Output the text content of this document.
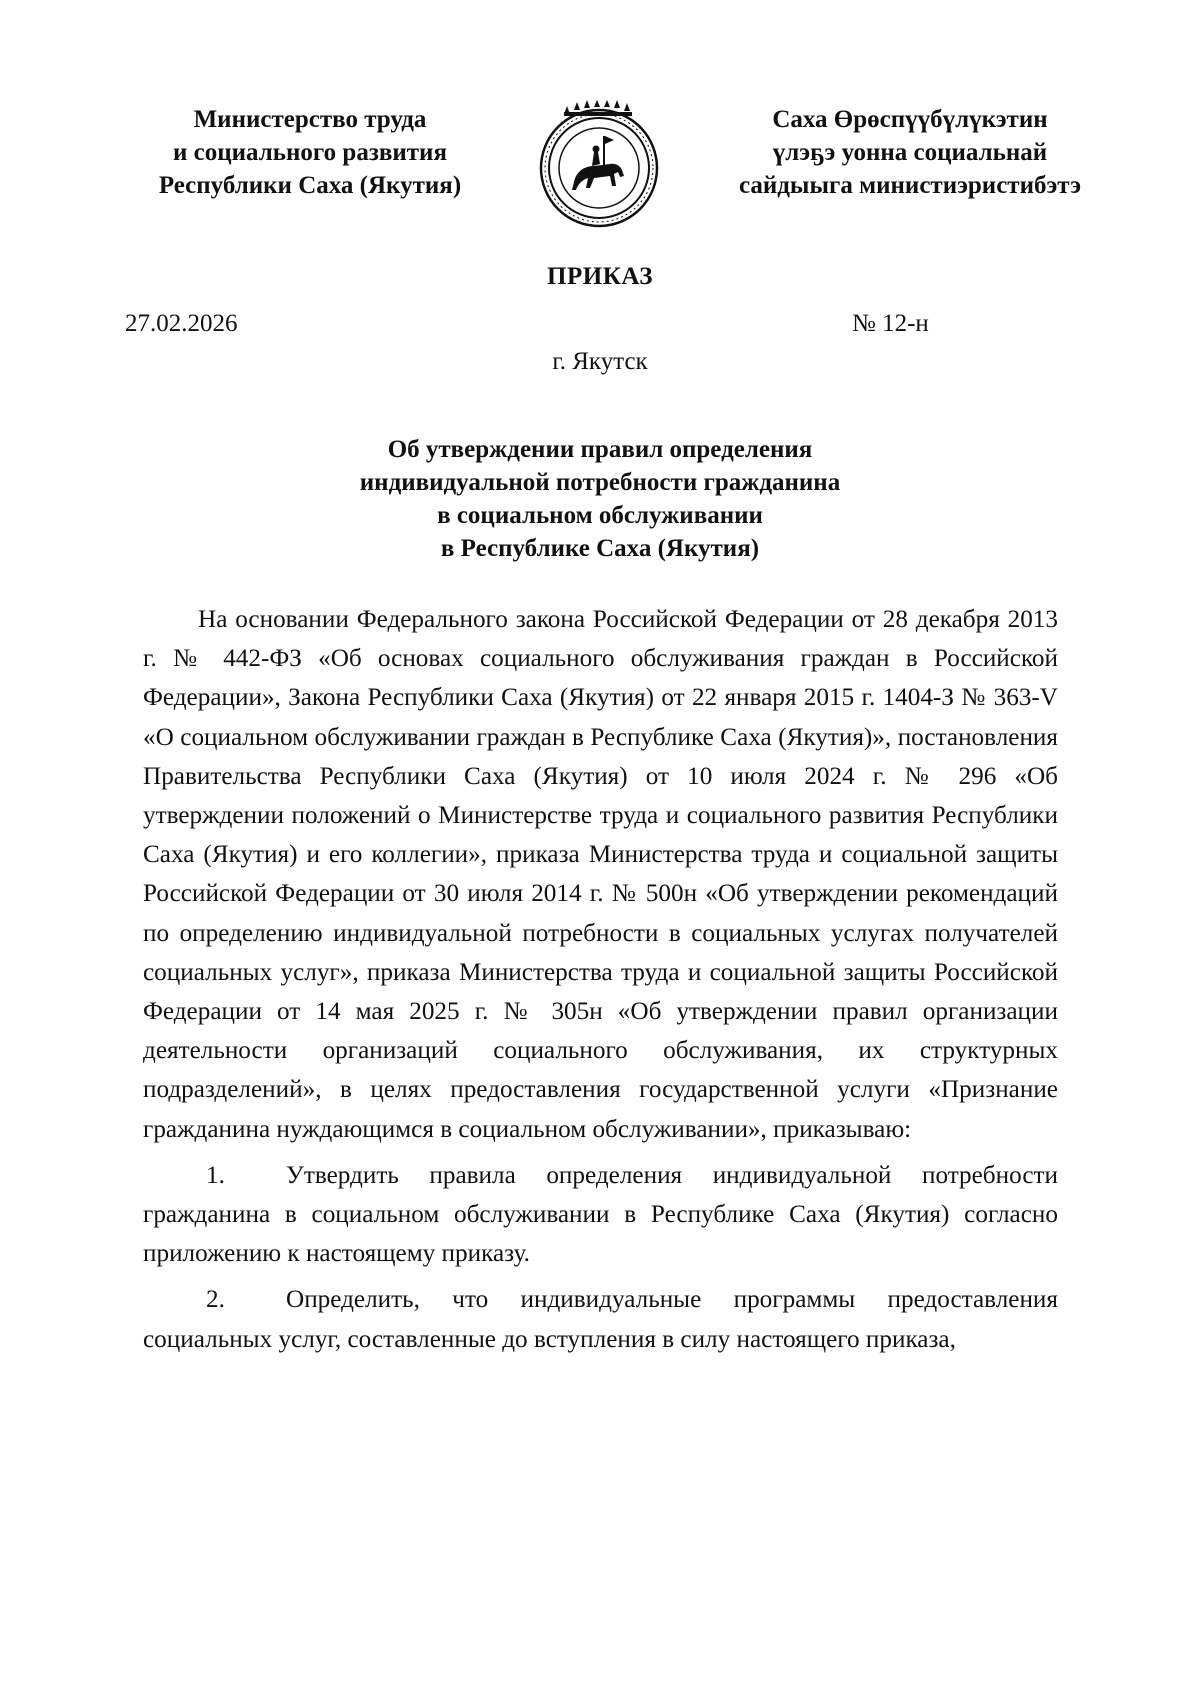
Министерство труда
и социального развития
Республики Саха (Якутия)
Саха Өрөспүүбүлүкэтин
үлэҕэ уонна социальнай
сайдыыга министиэристибэтэ
ПРИКАЗ
27.02.2026	№ 12-н
г. Якутск
Об утверждении правил определения
индивидуальной потребности гражданина
в социальном обслуживании
в Республике Саха (Якутия)

На основании Федерального закона Российской Федерации от 28 декабря 2013 г. № 442-ФЗ «Об основах социального обслуживания граждан в Российской Федерации», Закона Республики Саха (Якутия) от 22 января 2015 г. 1404-З № 363-V «О социальном обслуживании граждан в Республике Саха (Якутия)», постановления Правительства Республики Саха (Якутия) от 10 июля 2024 г. № 296 «Об утверждении положений о Министерстве труда и социального развития Республики Саха (Якутия) и его коллегии», приказа Министерства труда и социальной защиты Российской Федерации от 30 июля 2014 г. № 500н «Об утверждении рекомендаций по определению индивидуальной потребности в социальных услугах получателей социальных услуг», приказа Министерства труда и социальной защиты Российской Федерации от 14 мая 2025 г. № 305н «Об утверждении правил организации деятельности организаций социального обслуживания, их структурных подразделений», в целях предоставления государственной услуги «Признание гражданина нуждающимся в социальном обслуживании», приказываю:

1. Утвердить правила определения индивидуальной потребности гражданина в социальном обслуживании в Республике Саха (Якутия) согласно приложению к настоящему приказу.

2. Определить, что индивидуальные программы предоставления социальных услуг, составленные до вступления в силу настоящего приказа,
